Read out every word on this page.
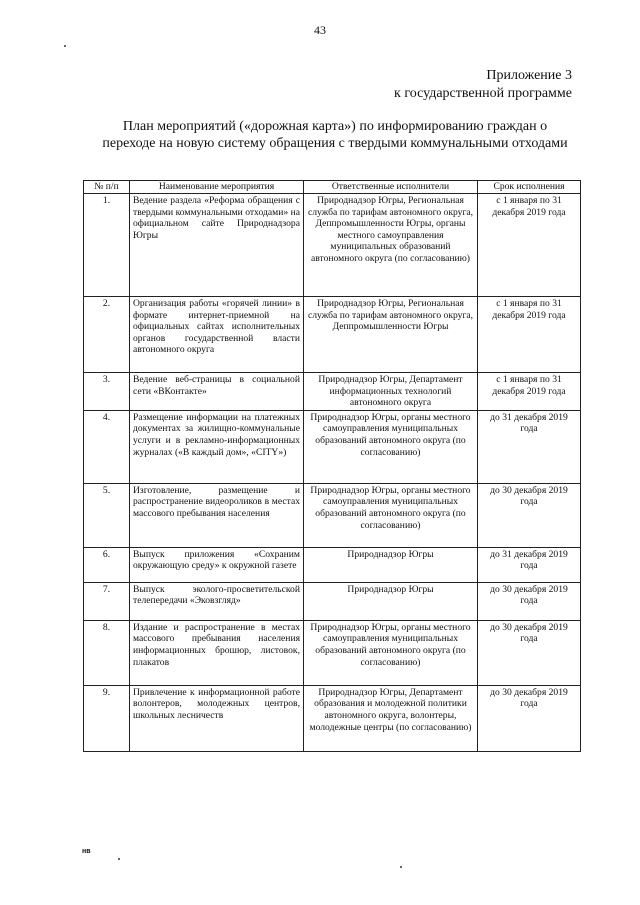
43
Приложение 3
к государственной программе
План мероприятий («дорожная карта») по информированию граждан о переходе на новую систему обращения с твердыми коммунальными отходами
№ п/п	Наименование мероприятия	Ответственные исполнители	Срок исполнения
1.	Ведение раздела «Реформа обращения с твердыми коммунальными отходами» на официальном сайте Природнадзора Югры	Природнадзор Югры, Региональная служба по тарифам автономного округа, Деппромышленности Югры, органы местного самоуправления муниципальных образований автономного округа (по согласованию)	с 1 января по 31 декабря 2019 года
2.	Организация работы «горячей линии» в формате интернет-приемной на официальных сайтах исполнительных органов государственной власти автономного округа	Природнадзор Югры, Региональная служба по тарифам автономного округа, Деппромышленности Югры	с 1 января по 31 декабря 2019 года
3.	Ведение веб-страницы в социальной сети «ВКонтакте»	Природнадзор Югры, Департамент информационных технологий автономного округа	с 1 января по 31 декабря 2019 года
4.	Размещение информации на платежных документах за жилищно-коммунальные услуги и в рекламно-информационных журналах («В каждый дом», «CITY»)	Природнадзор Югры, органы местного самоуправления муниципальных образований автономного округа (по согласованию)	до 31 декабря 2019 года
5.	Изготовление, размещение и распространение видеороликов в местах массового пребывания населения	Природнадзор Югры, органы местного самоуправления муниципальных образований автономного округа (по согласованию)	до 30 декабря 2019 года
6.	Выпуск приложения «Сохраним окружающую среду» к окружной газете	Природнадзор Югры	до 31 декабря 2019 года
7.	Выпуск эколого-просветительской телепередачи «Эковзгляд»	Природнадзор Югры	до 30 декабря 2019 года
8.	Издание и распространение в местах массового пребывания населения информационных брошюр, листовок, плакатов	Природнадзор Югры, органы местного самоуправления муниципальных образований автономного округа (по согласованию)	до 30 декабря 2019 года
9.	Привлечение к информационной работе волонтеров, молодежных центров, школьных лесничеств	Природнадзор Югры, Департамент образования и молодежной политики автономного округа, волонтеры, молодежные центры (по согласованию)	до 30 декабря 2019 года
нв
